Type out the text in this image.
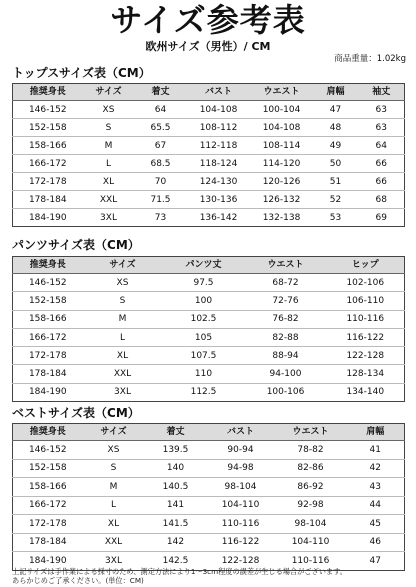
サイズ参考表
欧州サイズ（男性）/ CM
商品重量：1.02kg
トップスサイズ表（CM）
推奨身長	サイズ	着丈	バスト	ウエスト	肩幅	袖丈
146-152	XS	64	104-108	100-104	47	63
152-158	S	65.5	108-112	104-108	48	63
158-166	M	67	112-118	108-114	49	64
166-172	L	68.5	118-124	114-120	50	66
172-178	XL	70	124-130	120-126	51	66
178-184	XXL	71.5	130-136	126-132	52	68
184-190	3XL	73	136-142	132-138	53	69
パンツサイズ表（CM）
推奨身長	サイズ	パンツ丈	ウエスト	ヒップ
146-152	XS	97.5	68-72	102-106
152-158	S	100	72-76	106-110
158-166	M	102.5	76-82	110-116
166-172	L	105	82-88	116-122
172-178	XL	107.5	88-94	122-128
178-184	XXL	110	94-100	128-134
184-190	3XL	112.5	100-106	134-140
ベストサイズ表（CM）
推奨身長	サイズ	着丈	バスト	ウエスト	肩幅
146-152	XS	139.5	90-94	78-82	41
152-158	S	140	94-98	82-86	42
158-166	M	140.5	98-104	86-92	43
166-172	L	141	104-110	92-98	44
172-178	XL	141.5	110-116	98-104	45
178-184	XXL	142	116-122	104-110	46
184-190	3XL	142.5	122-128	110-116	47
上記サイズは手作業による採寸のため、測定方法により1～3cm程度の誤差が生じる場合がございます。
あらかじめご了承ください。(単位：CM)
